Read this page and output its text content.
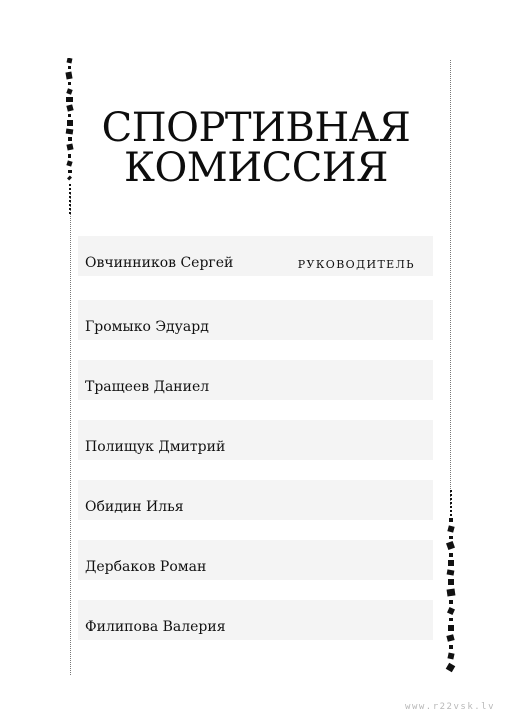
СПОРТИВНАЯ
КОМИССИЯ
Овчинников Сергей	РУКОВОДИТЕЛЬ
Громыко Эдуард
Тращеев Даниел
Полищук Дмитрий
Обидин Илья
Дербаков Роман
Филипова Валерия
www.r22vsk.lv
